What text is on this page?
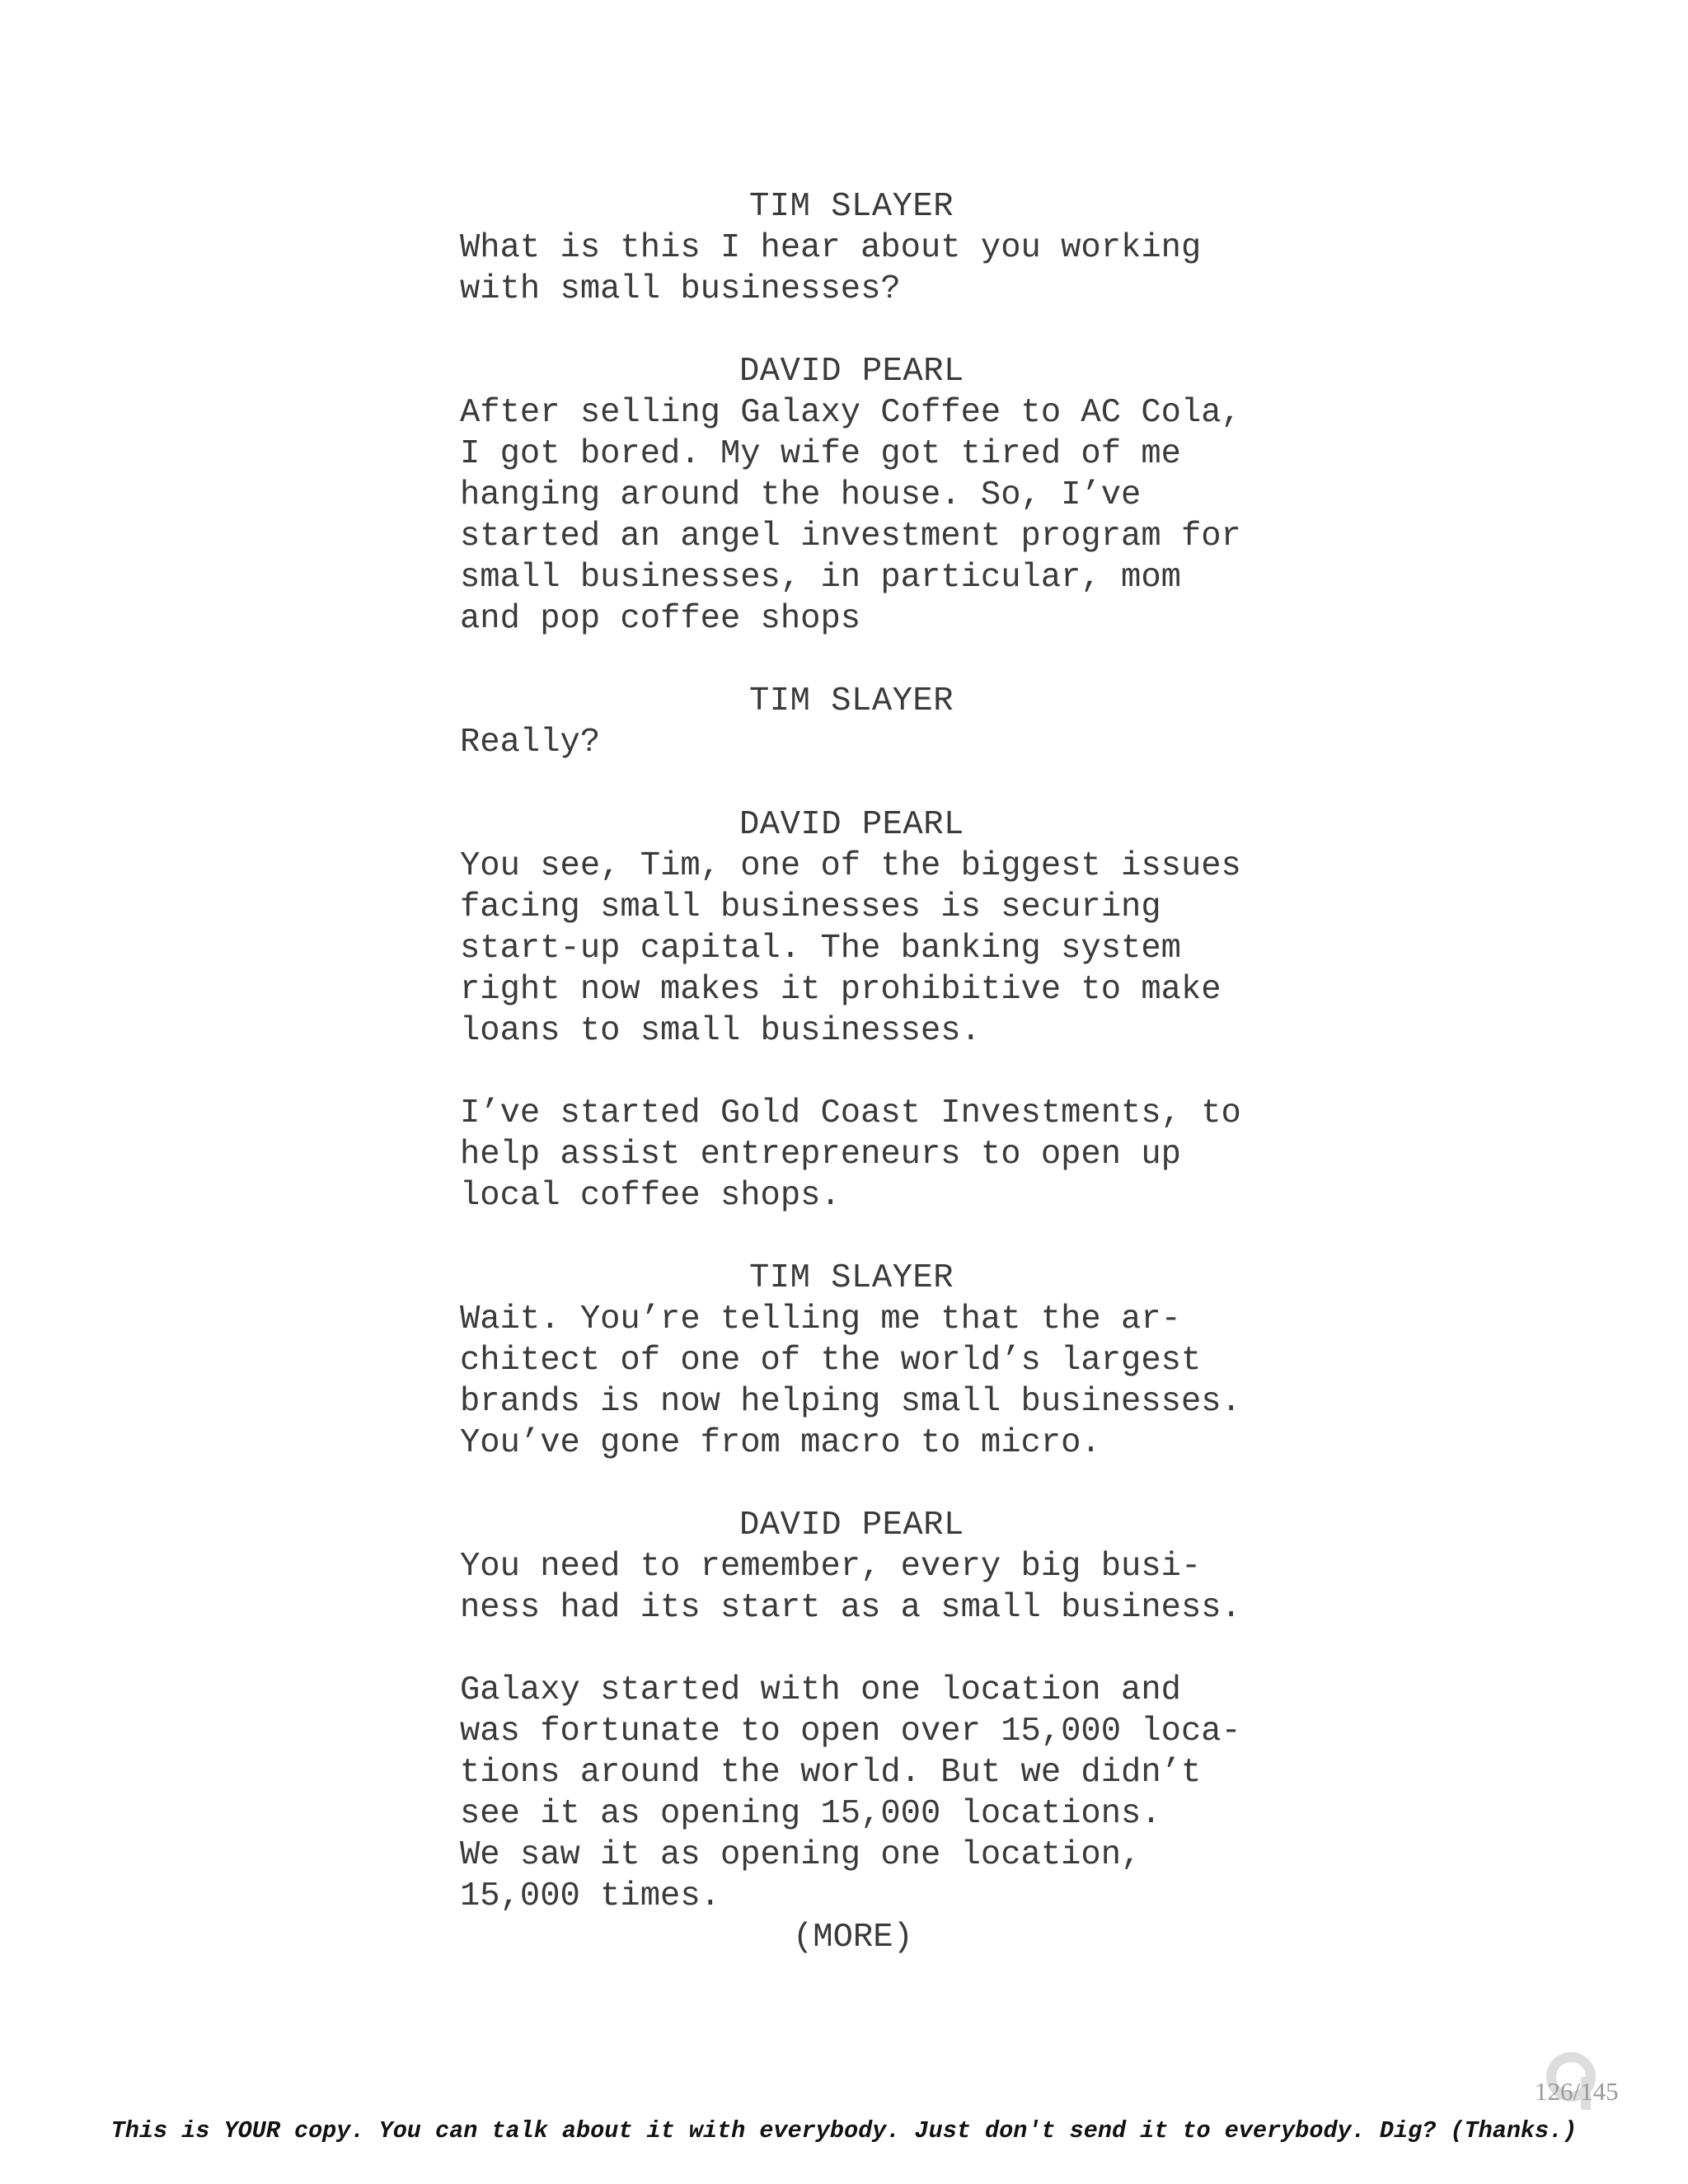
TIM SLAYER
What is this I hear about you working
with small businesses?
DAVID PEARL
After selling Galaxy Coffee to AC Cola,
I got bored. My wife got tired of me
hanging around the house. So, I’ve
started an angel investment program for
small businesses, in particular, mom
and pop coffee shops
TIM SLAYER
Really?
DAVID PEARL
You see, Tim, one of the biggest issues
facing small businesses is securing
start-up capital. The banking system
right now makes it prohibitive to make
loans to small businesses.
I’ve started Gold Coast Investments, to
help assist entrepreneurs to open up
local coffee shops.
TIM SLAYER
Wait. You’re telling me that the ar-
chitect of one of the world’s largest
brands is now helping small businesses.
You’ve gone from macro to micro.
DAVID PEARL
You need to remember, every big busi-
ness had its start as a small business.
Galaxy started with one location and
was fortunate to open over 15,000 loca-
tions around the world. But we didn’t
see it as opening 15,000 locations.
We saw it as opening one location,
15,000 times.
(MORE)
126/145
This is YOUR copy. You can talk about it with everybody. Just don't send it to everybody. Dig? (Thanks.)
